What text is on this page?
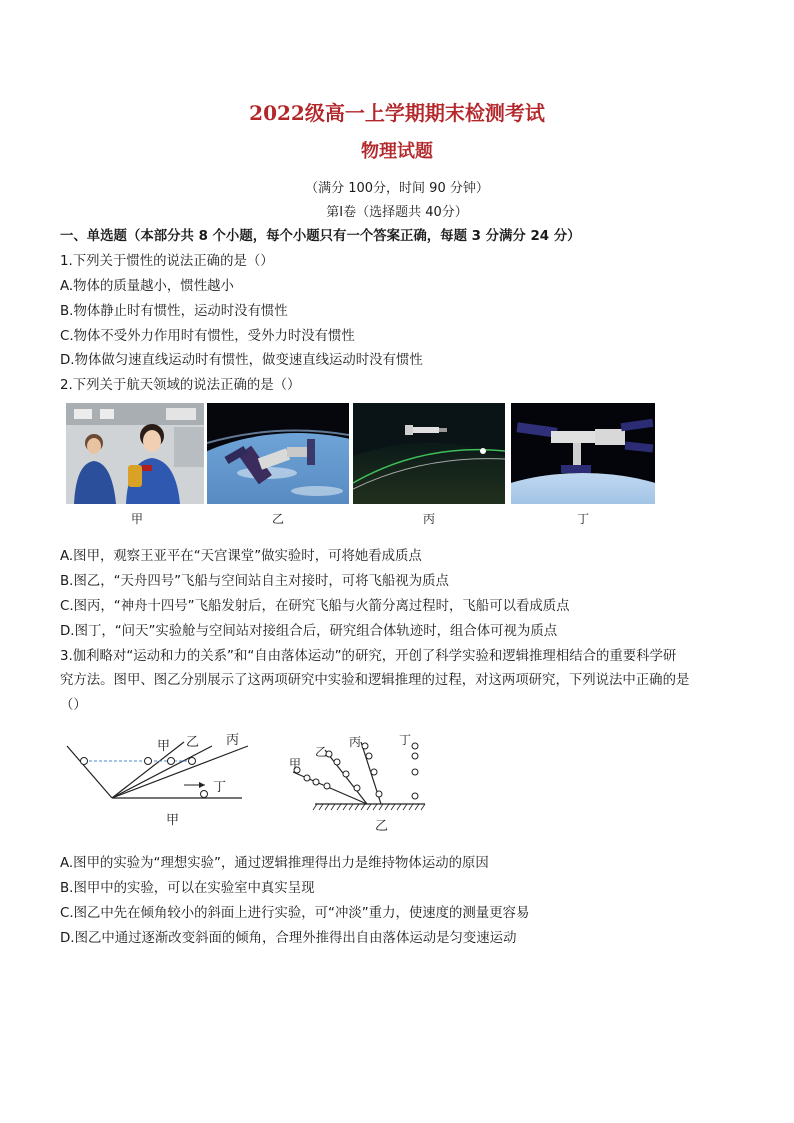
2022级高一上学期期末检测考试
物理试题
（满分 100分，时间 90 分钟）
第Ⅰ卷（选择题共 40分）
一、单选题（本部分共 8 个小题，每个小题只有一个答案正确，每题 3 分满分 24 分）
1.下列关于惯性的说法正确的是（）
A.物体的质量越小，惯性越小
B.物体静止时有惯性，运动时没有惯性
C.物体不受外力作用时有惯性，受外力时没有惯性
D.物体做匀速直线运动时有惯性，做变速直线运动时没有惯性
2.下列关于航天领域的说法正确的是（）
甲	乙	丙	丁
A.图甲，观察王亚平在“天宫课堂”做实验时，可将她看成质点
B.图乙，“天舟四号”飞船与空间站自主对接时，可将飞船视为质点
C.图丙，“神舟十四号”飞船发射后，在研究飞船与火箭分离过程时，飞船可以看成质点
D.图丁，“问天”实验舱与空间站对接组合后，研究组合体轨迹时，组合体可视为质点
3.伽利略对“运动和力的关系”和“自由落体运动”的研究，开创了科学实验和逻辑推理相结合的重要科学研
究方法。图甲、图乙分别展示了这两项研究中实验和逻辑推理的过程，对这两项研究，下列说法中正确的是
（）
甲 乙 丙
丁
甲
甲
乙
丙	丁
乙
A.图甲的实验为“理想实验”，通过逻辑推理得出力是维持物体运动的原因
B.图甲中的实验，可以在实验室中真实呈现
C.图乙中先在倾角较小的斜面上进行实验，可“冲淡”重力，使速度的测量更容易
D.图乙中通过逐渐改变斜面的倾角，合理外推得出自由落体运动是匀变速运动
